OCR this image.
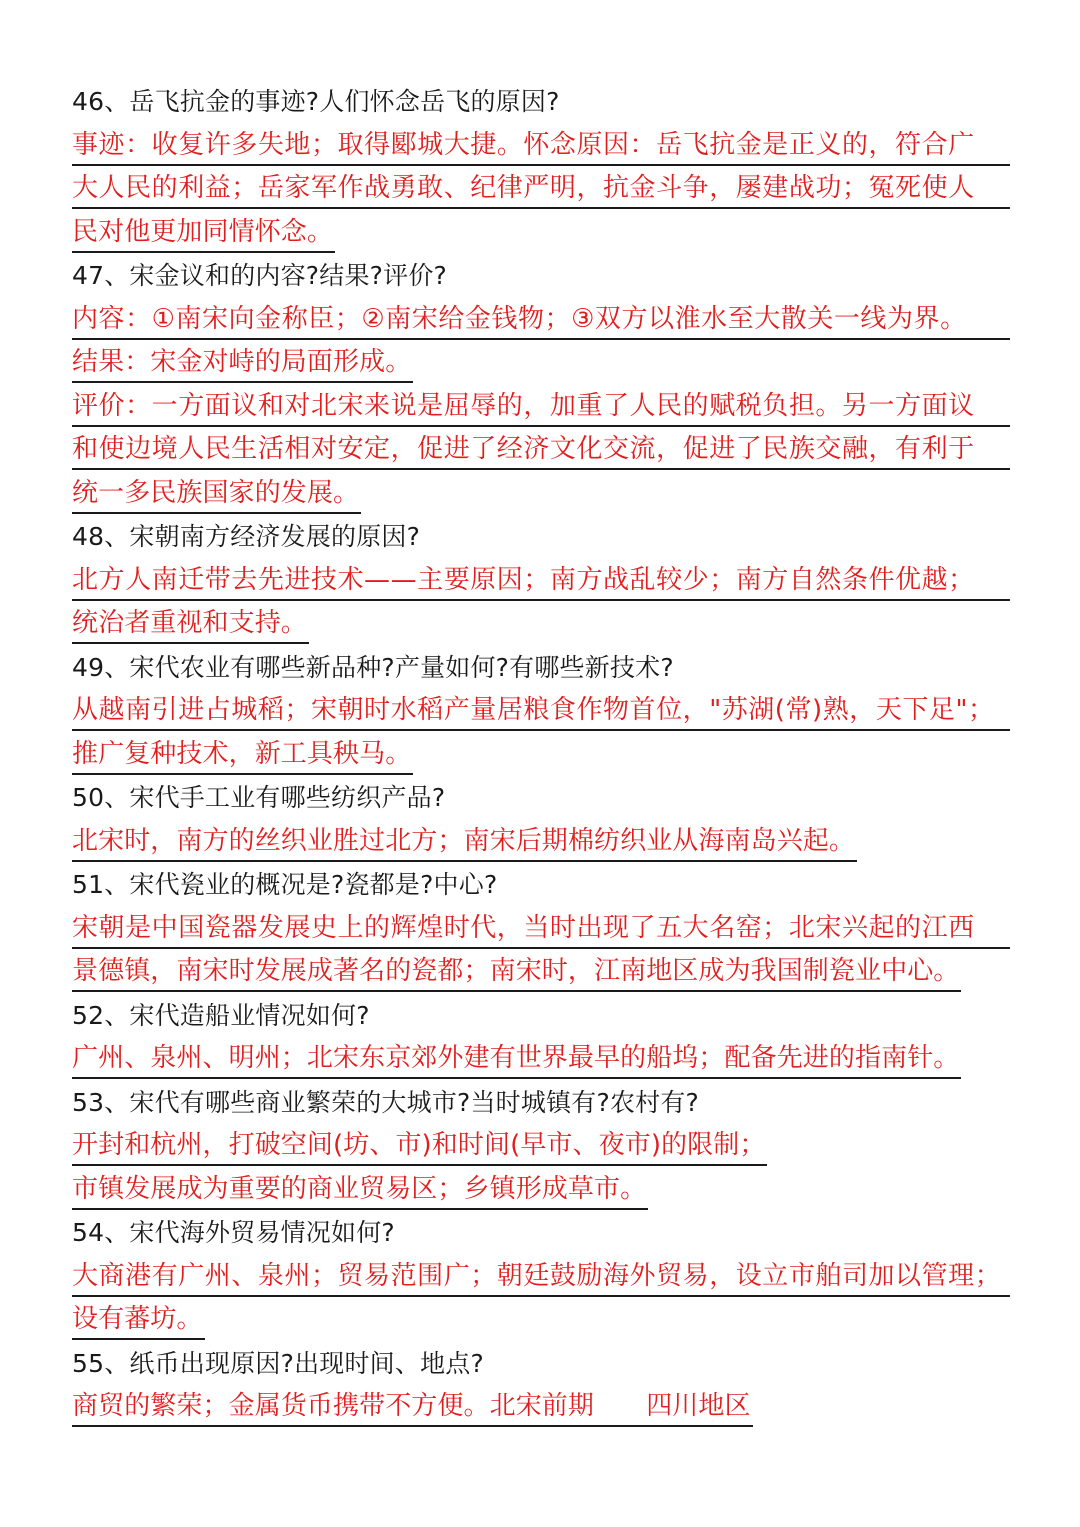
46、岳飞抗金的事迹?人们怀念岳飞的原因?
事迹：收复许多失地；取得郾城大捷。怀念原因：岳飞抗金是正义的，符合广
大人民的利益；岳家军作战勇敢、纪律严明，抗金斗争，屡建战功；冤死使人
民对他更加同情怀念。
47、宋金议和的内容?结果?评价?
内容：①南宋向金称臣；②南宋给金钱物；③双方以淮水至大散关一线为界。
结果：宋金对峙的局面形成。
评价：一方面议和对北宋来说是屈辱的，加重了人民的赋税负担。另一方面议
和使边境人民生活相对安定，促进了经济文化交流，促进了民族交融，有利于
统一多民族国家的发展。
48、宋朝南方经济发展的原因?
北方人南迁带去先进技术——主要原因；南方战乱较少；南方自然条件优越；
统治者重视和支持。
49、宋代农业有哪些新品种?产量如何?有哪些新技术?
从越南引进占城稻；宋朝时水稻产量居粮食作物首位，"苏湖(常)熟，天下足"；
推广复种技术，新工具秧马。
50、宋代手工业有哪些纺织产品?
北宋时，南方的丝织业胜过北方；南宋后期棉纺织业从海南岛兴起。
51、宋代瓷业的概况是?瓷都是?中心?
宋朝是中国瓷器发展史上的辉煌时代，当时出现了五大名窑；北宋兴起的江西
景德镇，南宋时发展成著名的瓷都；南宋时，江南地区成为我国制瓷业中心。
52、宋代造船业情况如何?
广州、泉州、明州；北宋东京郊外建有世界最早的船坞；配备先进的指南针。
53、宋代有哪些商业繁荣的大城市?当时城镇有?农村有?
开封和杭州，打破空间(坊、市)和时间(早市、夜市)的限制；
市镇发展成为重要的商业贸易区；乡镇形成草市。
54、宋代海外贸易情况如何?
大商港有广州、泉州；贸易范围广；朝廷鼓励海外贸易，设立市舶司加以管理；
设有蕃坊。
55、纸币出现原因?出现时间、地点?
商贸的繁荣；金属货币携带不方便。北宋前期　　四川地区
